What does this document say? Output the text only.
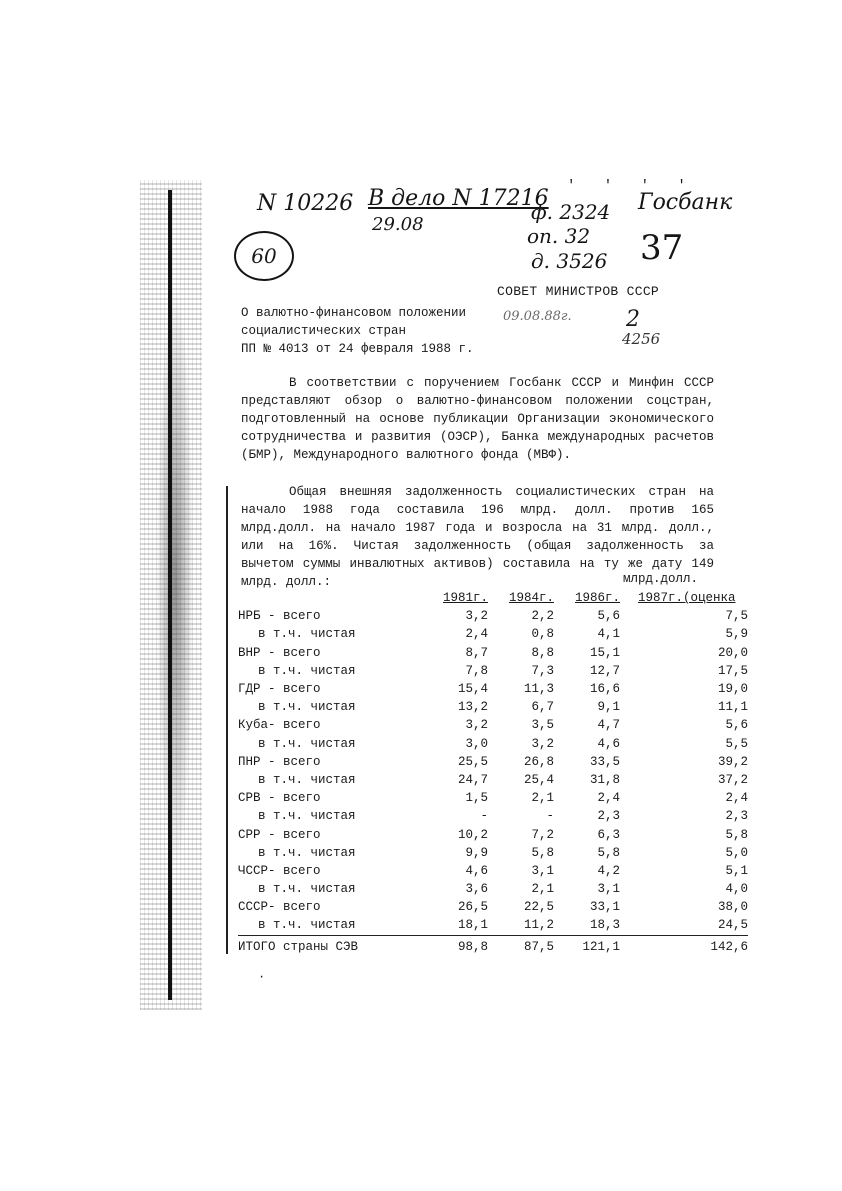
' ' ' '
N 10226 В дело N 17216
29.08
60
ф. 2324
оп. 32
д. 3526
Госбанк
37
СОВЕТ МИНИСТРОВ СССР
09.08.88г. 2
4256
О валютно-финансовом положении
социалистических стран
ПП № 4013 от 24 февраля 1988 г.
В соответствии с поручением Госбанк СССР и Минфин СССР представляют обзор о валютно-финансовом положении соцстран, подготовленный на основе публикации Организации экономического сотрудничества и развития (ОЭСР), Банка международных расчетов (БМР), Международного валютного фонда (МВФ).
Общая внешняя задолженность социалистических стран на начало 1988 года составила 196 млрд. долл. против 165 млрд.долл. на начало 1987 года и возросла на 31 млрд. долл., или на 16%. Чистая задолженность (общая задолженность за вычетом суммы инвалютных активов) составила на ту же дату 149 млрд. долл.:	млрд.долл.
	1981г.	1984г.	1986г.	1987г.(оценка
НРБ - всего	3,2	2,2	5,6	7,5
в т.ч. чистая	2,4	0,8	4,1	5,9
ВНР - всего	8,7	8,8	15,1	20,0
в т.ч. чистая	7,8	7,3	12,7	17,5
ГДР - всего	15,4	11,3	16,6	19,0
в т.ч. чистая	13,2	6,7	9,1	11,1
Куба- всего	3,2	3,5	4,7	5,6
в т.ч. чистая	3,0	3,2	4,6	5,5
ПНР - всего	25,5	26,8	33,5	39,2
в т.ч. чистая	24,7	25,4	31,8	37,2
СРВ - всего	1,5	2,1	2,4	2,4
в т.ч. чистая	-	-	2,3	2,3
СРР - всего	10,2	7,2	6,3	5,8
в т.ч. чистая	9,9	5,8	5,8	5,0
ЧССР- всего	4,6	3,1	4,2	5,1
в т.ч. чистая	3,6	2,1	3,1	4,0
СССР- всего	26,5	22,5	33,1	38,0
в т.ч. чистая	18,1	11,2	18,3	24,5
ИТОГО страны СЭВ	98,8	87,5	121,1	142,6
·
